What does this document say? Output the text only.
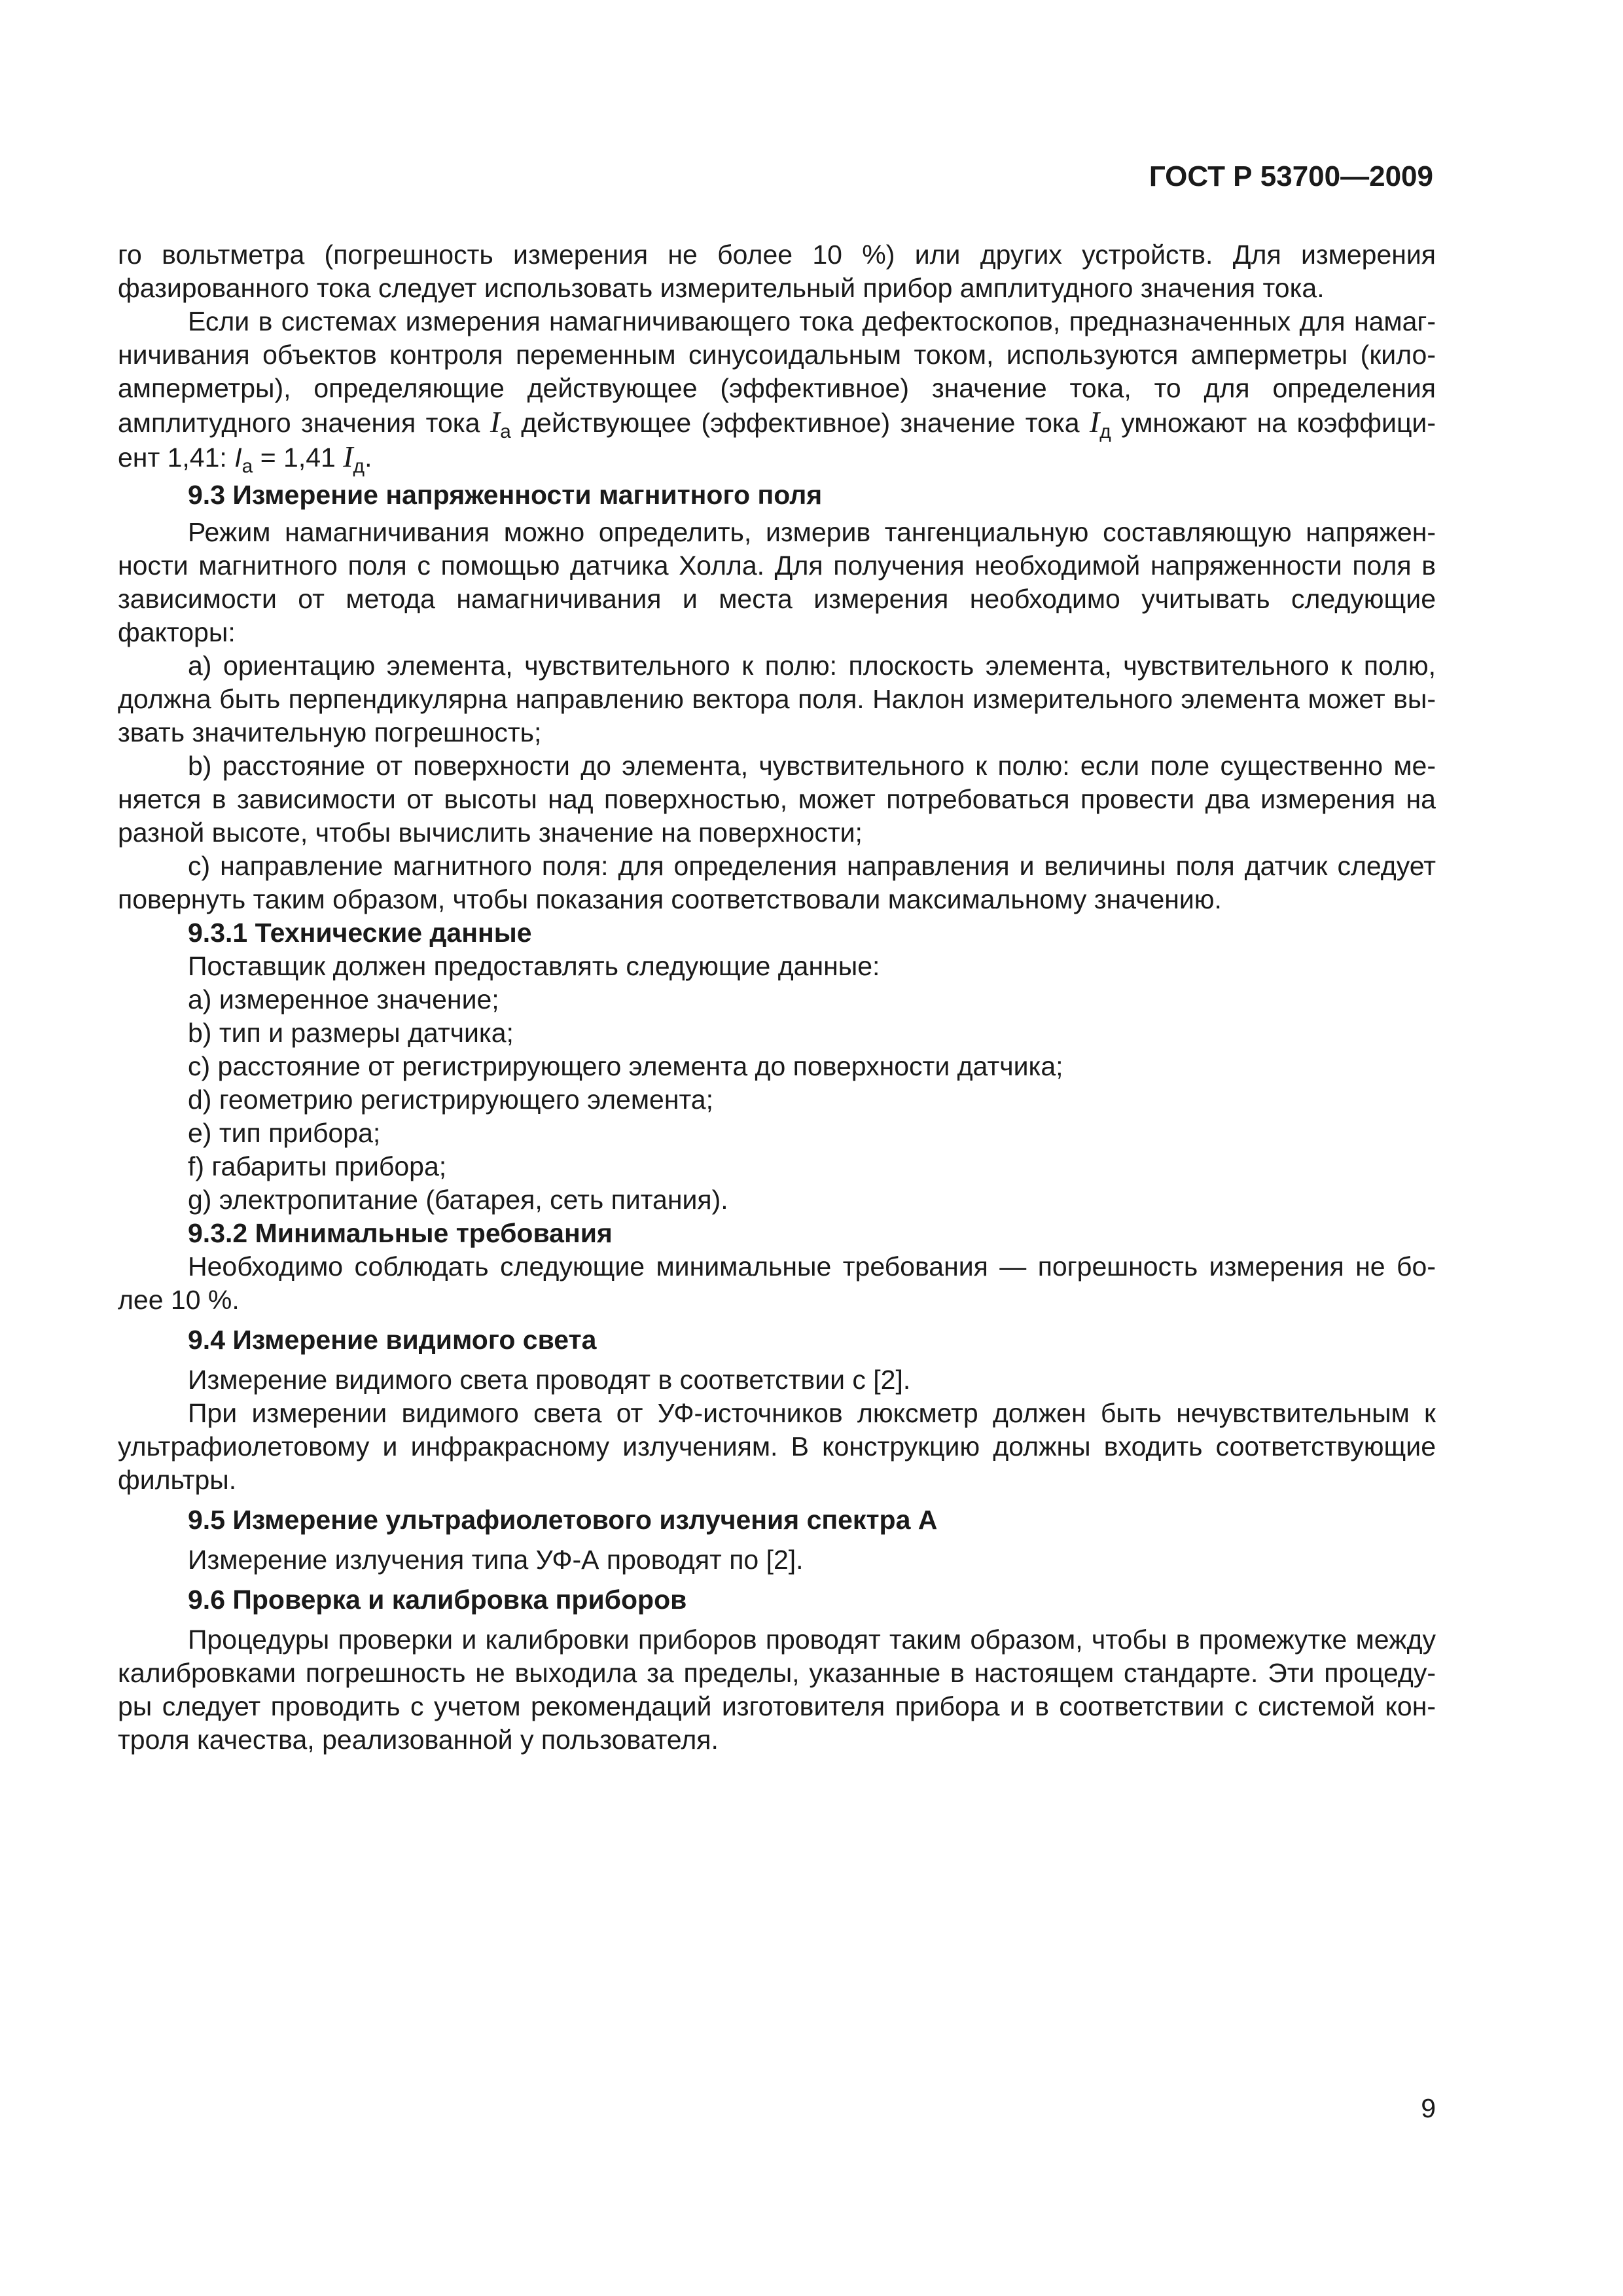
ГОСТ Р 53700—2009

го вольтметра (погрешность измерения не более 10 %) или других устройств. Для измерения

фазированного тока следует использовать измерительный прибор амплитудного значения тока.

Если в системах измерения намагничивающего тока дефектоскопов, предназначенных для намаг-

ничивания объектов контроля переменным синусоидальным током, используются амперметры (кило-

амперметры), определяющие действующее (эффективное) значение тока, то для определения

амплитудного значения тока $I_а$ действующее (эффективное) значение тока $I_д$ умножают на коэффици-

ент 1,41: $I_а = 1,41$ $I_д$.

9.3 Измерение напряженности магнитного поля

Режим намагничивания можно определить, измерив тангенциальную составляющую напряжен-

ности магнитного поля с помощью датчика Холла. Для получения необходимой напряженности поля в

зависимости от метода намагничивания и места измерения необходимо учитывать следующие

факторы:

a) ориентацию элемента, чувствительного к полю: плоскость элемента, чувствительного к полю,

должна быть перпендикулярна направлению вектора поля. Наклон измерительного элемента может вы-

звать значительную погрешность;

b) расстояние от поверхности до элемента, чувствительного к полю: если поле существенно ме-

няется в зависимости от высоты над поверхностью, может потребоваться провести два измерения на

разной высоте, чтобы вычислить значение на поверхности;

c) направление магнитного поля: для определения направления и величины поля датчик следует

повернуть таким образом, чтобы показания соответствовали максимальному значению.

9.3.1 Технические данные

Поставщик должен предоставлять следующие данные:

a) измеренное значение;

b) тип и размеры датчика;

c) расстояние от регистрирующего элемента до поверхности датчика;

d) геометрию регистрирующего элемента;

e) тип прибора;

f) габариты прибора;

g) электропитание (батарея, сеть питания).

9.3.2 Минимальные требования

Необходимо соблюдать следующие минимальные требования — погрешность измерения не бо-

лее 10 %.

9.4 Измерение видимого света

Измерение видимого света проводят в соответствии с [2].

При измерении видимого света от УФ-источников люксметр должен быть нечувствительным к

ультрафиолетовому и инфракрасному излучениям. В конструкцию должны входить соответствующие

фильтры.

9.5 Измерение ультрафиолетового излучения спектра А

Измерение излучения типа УФ-А проводят по [2].

9.6 Проверка и калибровка приборов

Процедуры проверки и калибровки приборов проводят таким образом, чтобы в промежутке между

калибровками погрешность не выходила за пределы, указанные в настоящем стандарте. Эти процеду-

ры следует проводить с учетом рекомендаций изготовителя прибора и в соответствии с системой кон-

троля качества, реализованной у пользователя.

9
